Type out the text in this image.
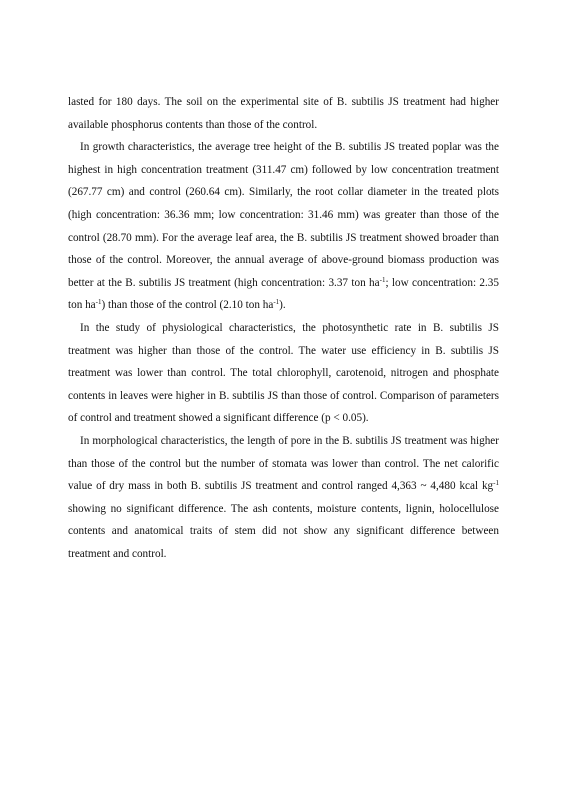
lasted for 180 days. The soil on the experimental site of B. subtilis JS treatment had higher available phosphorus contents than those of the control.

In growth characteristics, the average tree height of the B. subtilis JS treated poplar was the highest in high concentration treatment (311.47 cm) followed by low concentration treatment (267.77 cm) and control (260.64 cm). Similarly, the root collar diameter in the treated plots (high concentration: 36.36 mm; low concentration: 31.46 mm) was greater than those of the control (28.70 mm). For the average leaf area, the B. subtilis JS treatment showed broader than those of the control. Moreover, the annual average of above-ground biomass production was better at the B. subtilis JS treatment (high concentration: 3.37 ton $ha^{-1}$; low concentration: 2.35 ton $ha^{-1}$) than those of the control (2.10 ton $ha^{-1}$).

In the study of physiological characteristics, the photosynthetic rate in B. subtilis JS treatment was higher than those of the control. The water use efficiency in B. subtilis JS treatment was lower than control. The total chlorophyll, carotenoid, nitrogen and phosphate contents in leaves were higher in B. subtilis JS than those of control. Comparison of parameters of control and treatment showed a significant difference (p < 0.05).

In morphological characteristics, the length of pore in the B. subtilis JS treatment was higher than those of the control but the number of stomata was lower than control. The net calorific value of dry mass in both B. subtilis JS treatment and control ranged 4,363 ~ 4,480 kcal $kg^{-1}$ showing no significant difference. The ash contents, moisture contents, lignin, holocellulose contents and anatomical traits of stem did not show any significant difference between treatment and control.
